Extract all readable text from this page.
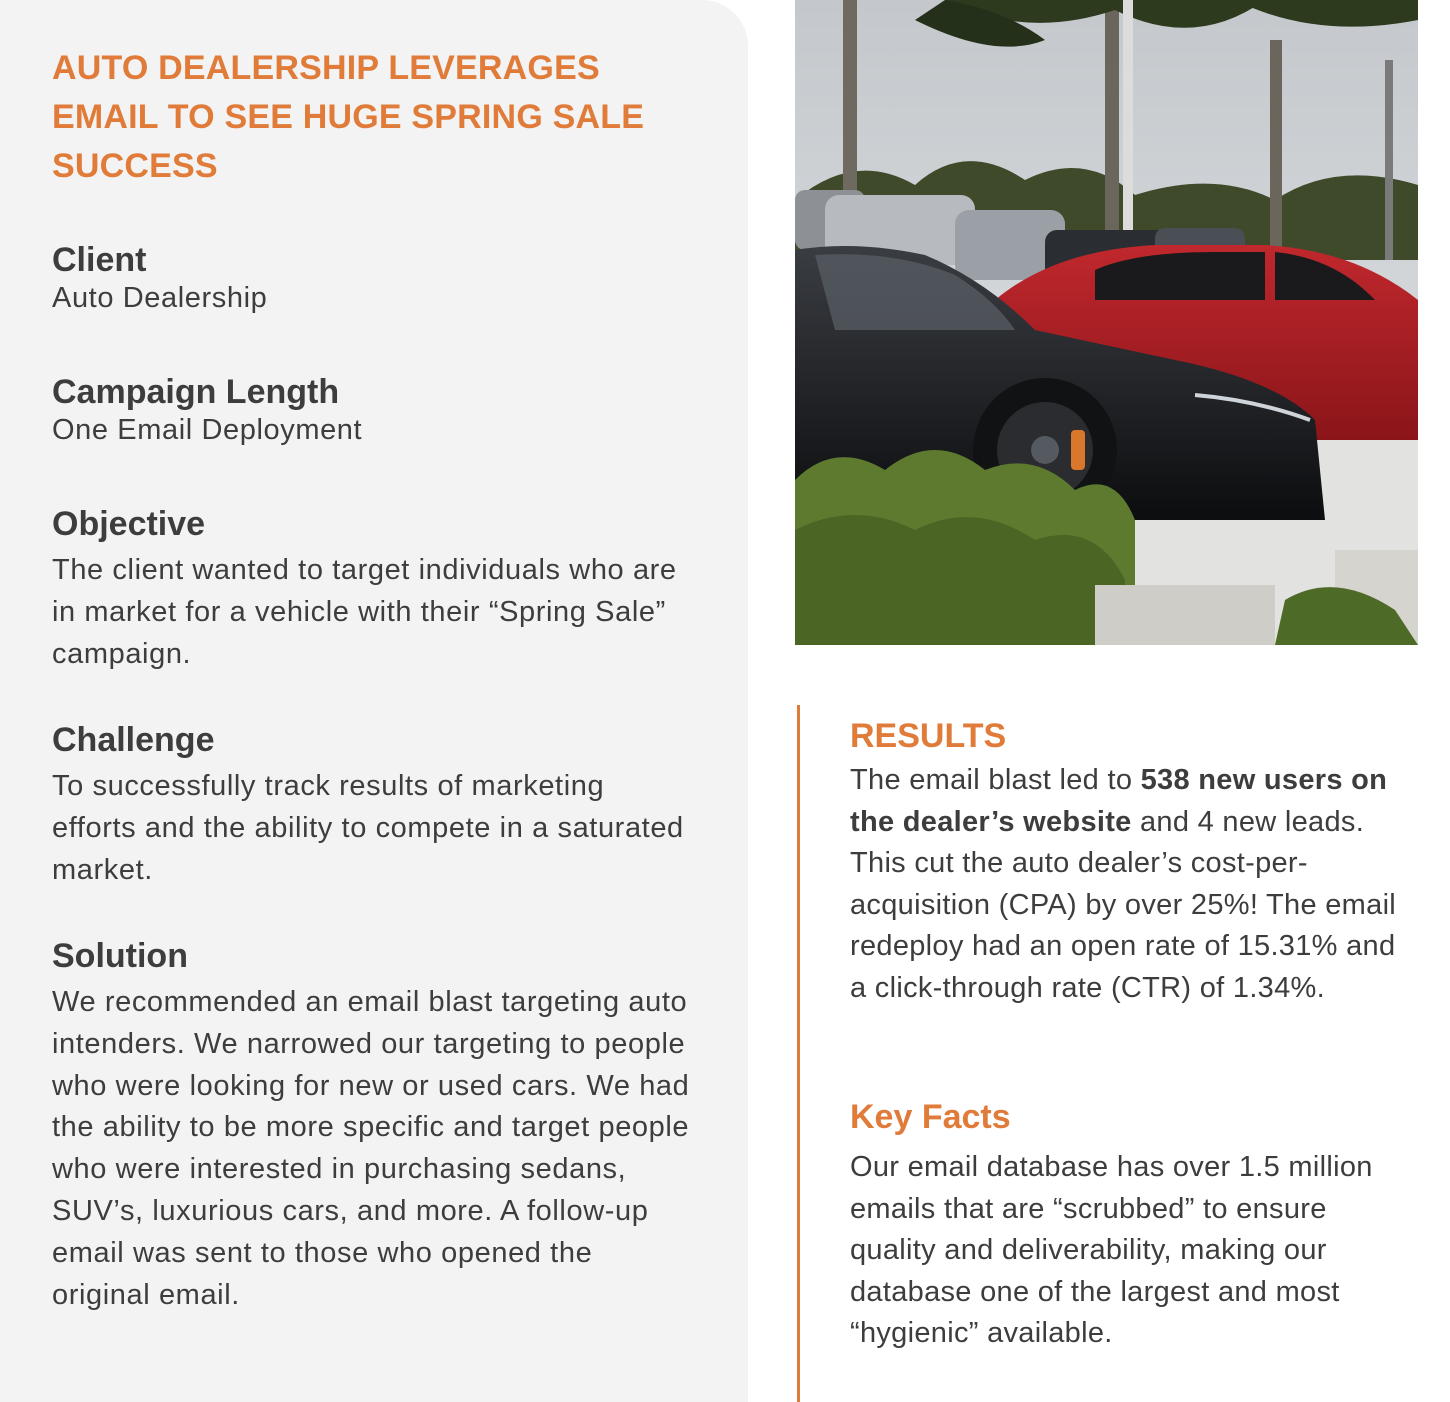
AUTO DEALERSHIP LEVERAGES EMAIL TO SEE HUGE SPRING SALE SUCCESS
Client

Auto Dealership

Campaign Length

One Email Deployment

Objective

The client wanted to target individuals who are in market for a vehicle with their “Spring Sale” campaign.

Challenge

To successfully track results of marketing efforts and the ability to compete in a saturated market.

Solution

We recommended an email blast targeting auto intenders. We narrowed our targeting to people who were looking for new or used cars. We had the ability to be more specific and target people who were interested in purchasing sedans, SUV’s, luxurious cars, and more. A follow-up email was sent to those who opened the original email.

RESULTS

The email blast led to 538 new users on the dealer’s website and 4 new leads. This cut the auto dealer’s cost-per-acquisition (CPA) by over 25%! The email redeploy had an open rate of 15.31% and a click-through rate (CTR) of 1.34%.

Key Facts

Our email database has over 1.5 million emails that are “scrubbed” to ensure quality and deliverability, making our database one of the largest and most “hygienic” available.
